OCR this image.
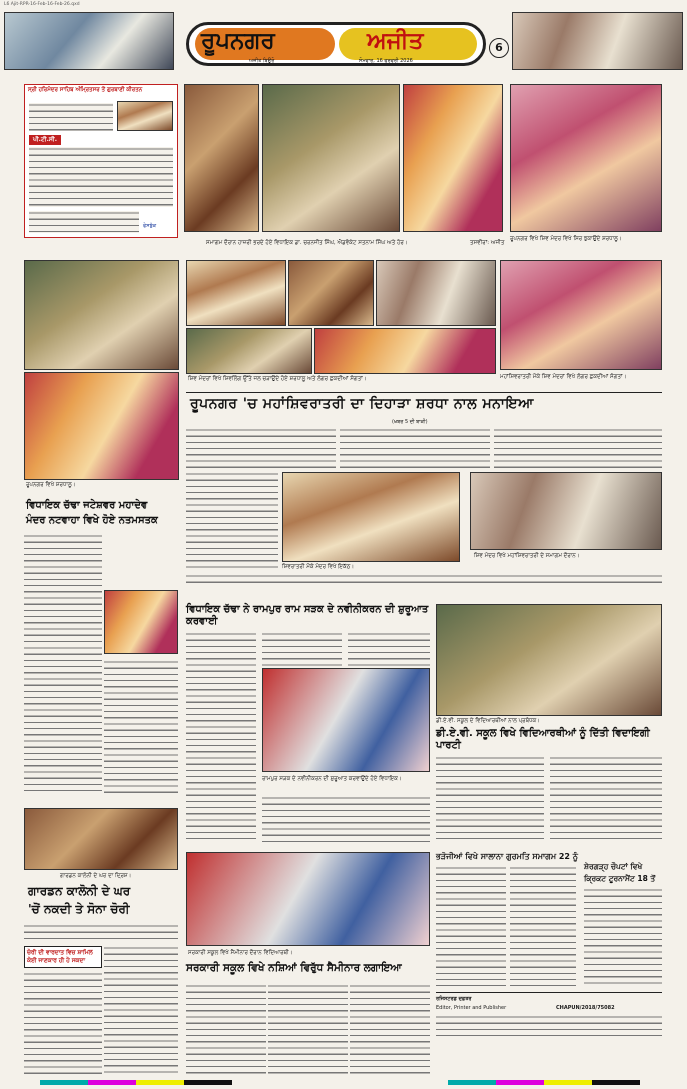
L6 Ajit-RPR-16-Feb-16-Feb-26.qxd
ਰੂਪਨਗਰ	ਅਜੀਤ
ਅਜੀਤ ਬਿਊਰੋ	ਸੋਮਵਾਰ, 16 ਫਰਵਰੀ 2026
6
ਸ੍ਰੀ ਹਰਿਮੰਦਰ ਸਾਹਿਬ ਅੰਮ੍ਰਿਤਸਰ ਤੋਂ ਗੁਰਬਾਣੀ ਕੀਰਤਨ
ਪੀ.ਟੀ.ਸੀ.
ਫੇਸਬੁੱਕ
ਸਮਾਗਮ ਦੌਰਾਨ ਹਾਜ਼ਰੀ ਭਰਦੇ ਹੋਏ ਵਿਧਾਇਕ ਡਾ. ਚਰਨਜੀਤ ਸਿੰਘ, ਐਡਵੋਕੇਟ ਸਤਨਾਮ ਸਿੰਘ ਅਤੇ ਹੋਰ।	ਤਸਵੀਰਾਂ: ਅਜੀਤ
ਰੂਪਨਗਰ ਵਿਖੇ ਸ਼ਿਵ ਮੰਦਰ ਵਿਖੇ ਸਿਰ ਝੁਕਾਉਂਦੇ ਸ਼ਰਧਾਲੂ।
ਰੂਪਨਗਰ ਵਿਖੇ ਸ਼ਰਧਾਲੂ।
ਸ਼ਿਵ ਮੰਦਰਾਂ ਵਿਖੇ ਸ਼ਿਵਲਿੰਗ ਉੱਤੇ ਜਲ ਚੜਾਉਂਦੇ ਹੋਏ ਸ਼ਰਧਾਲੂ ਅਤੇ ਲੰਗਰ ਛਕਦੀਆਂ ਸੰਗਤਾਂ।	ਮਹਾਂਸ਼ਿਵਰਾਤਰੀ ਮੌਕੇ ਸ਼ਿਵ ਮੰਦਰਾਂ ਵਿਖੇ ਲੰਗਰ ਛਕਦੀਆਂ ਸੰਗਤਾਂ।
ਰੂਪਨਗਰ 'ਚ ਮਹਾਂਸ਼ਿਵਰਾਤਰੀ ਦਾ ਦਿਹਾੜਾ ਸ਼ਰਧਾ ਨਾਲ ਮਨਾਇਆ
(ਖ਼ਬਰ 5 ਦੀ ਬਾਕੀ)
ਵਿਧਾਇਕ ਚੱਢਾ ਜਟੇਸ਼ਵਰ ਮਹਾਦੇਵ
ਮੰਦਰ ਨਟਵਾਹਾ ਵਿਖੇ ਹੋਏ ਨਤਮਸਤਕ
ਸ਼ਿਵਰਾਤਰੀ ਮੌਕੇ ਮੰਦਰ ਵਿਖੇ ਇਕੱਠ।
ਸ਼ਿਵ ਮੰਦਰ ਵਿਖੇ ਮਹਾਂਸ਼ਿਵਰਾਤਰੀ ਦੇ ਸਮਾਗਮ ਦੌਰਾਨ।
ਵਿਧਾਇਕ ਚੱਢਾ ਨੇ ਰਾਮਪੁਰ ਰਾਮ ਸੜਕ ਦੇ ਨਵੀਨੀਕਰਨ ਦੀ ਸ਼ੁਰੂਆਤ ਕਰਵਾਈ
ਰਾਮਪੁਰ ਸੜਕ ਦੇ ਨਵੀਨੀਕਰਨ ਦੀ ਸ਼ੁਰੂਆਤ ਕਰਵਾਉਂਦੇ ਹੋਏ ਵਿਧਾਇਕ।
ਡੀ.ਏ.ਵੀ. ਸਕੂਲ ਦੇ ਵਿਦਿਆਰਥੀਆਂ ਨਾਲ ਪ੍ਰਬੰਧਕ।
ਡੀ.ਏ.ਵੀ. ਸਕੂਲ ਵਿਖੇ ਵਿਦਿਆਰਥੀਆਂ ਨੂੰ ਦਿੱਤੀ ਵਿਦਾਇਗੀ ਪਾਰਟੀ
ਗਾਰਡਨ ਕਾਲੋਨੀ ਦੇ ਘਰ ਦਾ ਦ੍ਰਿਸ਼।
ਗਾਰਡਨ ਕਾਲੋਨੀ ਦੇ ਘਰ
'ਚੋਂ ਨਕਦੀ ਤੇ ਸੋਨਾ ਚੋਰੀ
ਚੋਰੀ ਦੀ ਵਾਰਦਾਤ ਵਿਚ ਸ਼ਾਮਿਲ ਕੋਈ ਜਾਣਕਾਰ ਹੀ ਹੋ ਸਕਦਾ
ਸਰਕਾਰੀ ਸਕੂਲ ਵਿਖੇ ਸੈਮੀਨਾਰ ਦੌਰਾਨ ਵਿਦਿਆਰਥੀ।
ਸਰਕਾਰੀ ਸਕੂਲ ਵਿਖੇ ਨਸ਼ਿਆਂ ਵਿਰੁੱਧ ਸੈਮੀਨਾਰ ਲਗਾਇਆ
ਭੜੋਜੀਆਂ ਵਿਖੇ ਸਾਲਾਨਾ ਗੁਰਮਤਿ ਸਮਾਗਮ 22 ਨੂੰ
ਸ਼ੇਰਗੜ੍ਹ ਚੌਪਟਾਂ ਵਿਖੇ
ਕ੍ਰਿਕਟ ਟੂਰਨਾਮੈਂਟ 18 ਤੋਂ
ਰਜਿਸਟਰਡ ਦਫ਼ਤਰ
Editor, Printer and Publisher	CHAPUN/2018/75082
